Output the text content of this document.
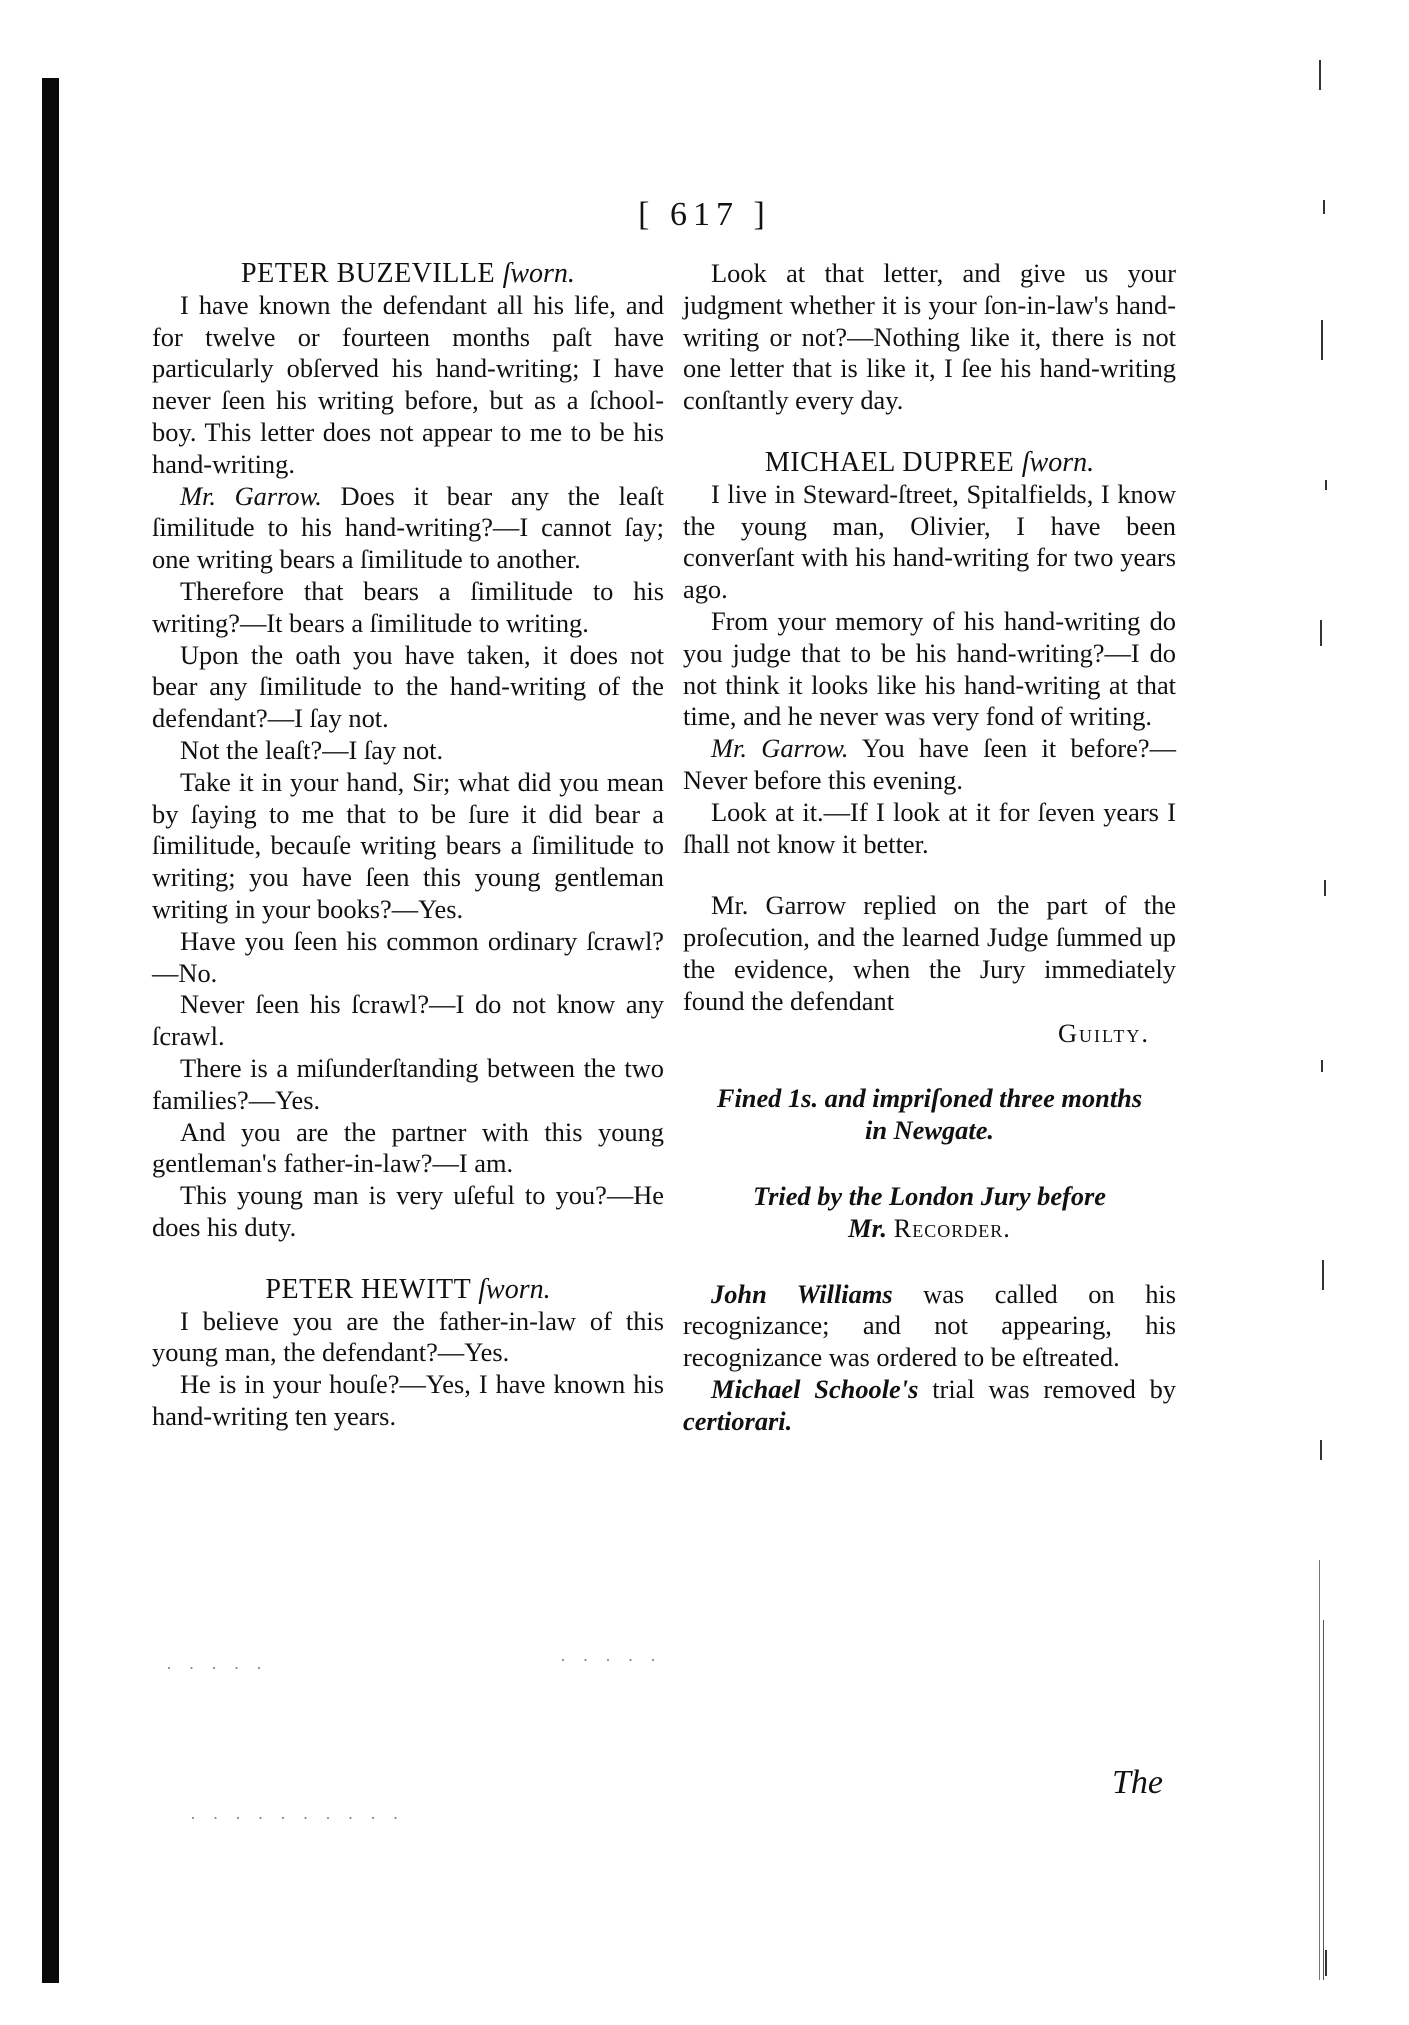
[ 617 ]

PETER BUZEVILLE ſworn.

I have known the defendant all his life, and for twelve or fourteen months paſt have particularly obſerved his hand-writing; I have never ſeen his writing before, but as a ſchool-boy. This letter does not appear to me to be his hand-writing.

Mr. Garrow. Does it bear any the leaſt ſimilitude to his hand-writing?—I cannot ſay; one writing bears a ſimilitude to another.

Therefore that bears a ſimilitude to his writing?—It bears a ſimilitude to writing.

Upon the oath you have taken, it does not bear any ſimilitude to the hand-writing of the defendant?—I ſay not.

Not the leaſt?—I ſay not.

Take it in your hand, Sir; what did you mean by ſaying to me that to be ſure it did bear a ſimilitude, becauſe writing bears a ſimilitude to writing; you have ſeen this young gentleman writing in your books?—Yes.

Have you ſeen his common ordinary ſcrawl?—No.

Never ſeen his ſcrawl?—I do not know any ſcrawl.

There is a miſunderſtanding between the two families?—Yes.

And you are the partner with this young gentleman's father-in-law?—I am.

This young man is very uſeful to you?—He does his duty.

PETER HEWITT ſworn.

I believe you are the father-in-law of this young man, the defendant?—Yes.

He is in your houſe?—Yes, I have known his hand-writing ten years.

Look at that letter, and give us your judgment whether it is your ſon-in-law's hand-writing or not?—Nothing like it, there is not one letter that is like it, I ſee his hand-writing conſtantly every day.

MICHAEL DUPREE ſworn.

I live in Steward-ſtreet, Spitalfields, I know the young man, Olivier, I have been converſant with his hand-writing for two years ago.

From your memory of his hand-writing do you judge that to be his hand-writing?—I do not think it looks like his hand-writing at that time, and he never was very fond of writing.

Mr. Garrow. You have ſeen it before?—Never before this evening.

Look at it.—If I look at it for ſeven years I ſhall not know it better.

Mr. Garrow replied on the part of the proſecution, and the learned Judge ſummed up the evidence, when the Jury immediately found the defendant

Guilty.

Fined 1s. and impriſoned three months

in Newgate.

Tried by the London Jury before

Mr. Recorder.

John Williams was called on his recognizance; and not appearing, his recognizance was ordered to be eſtreated.

Michael Schoole's trial was removed by certiorari.

· · · · ·	· · · · ·
· · · · · · · · · ·
The
